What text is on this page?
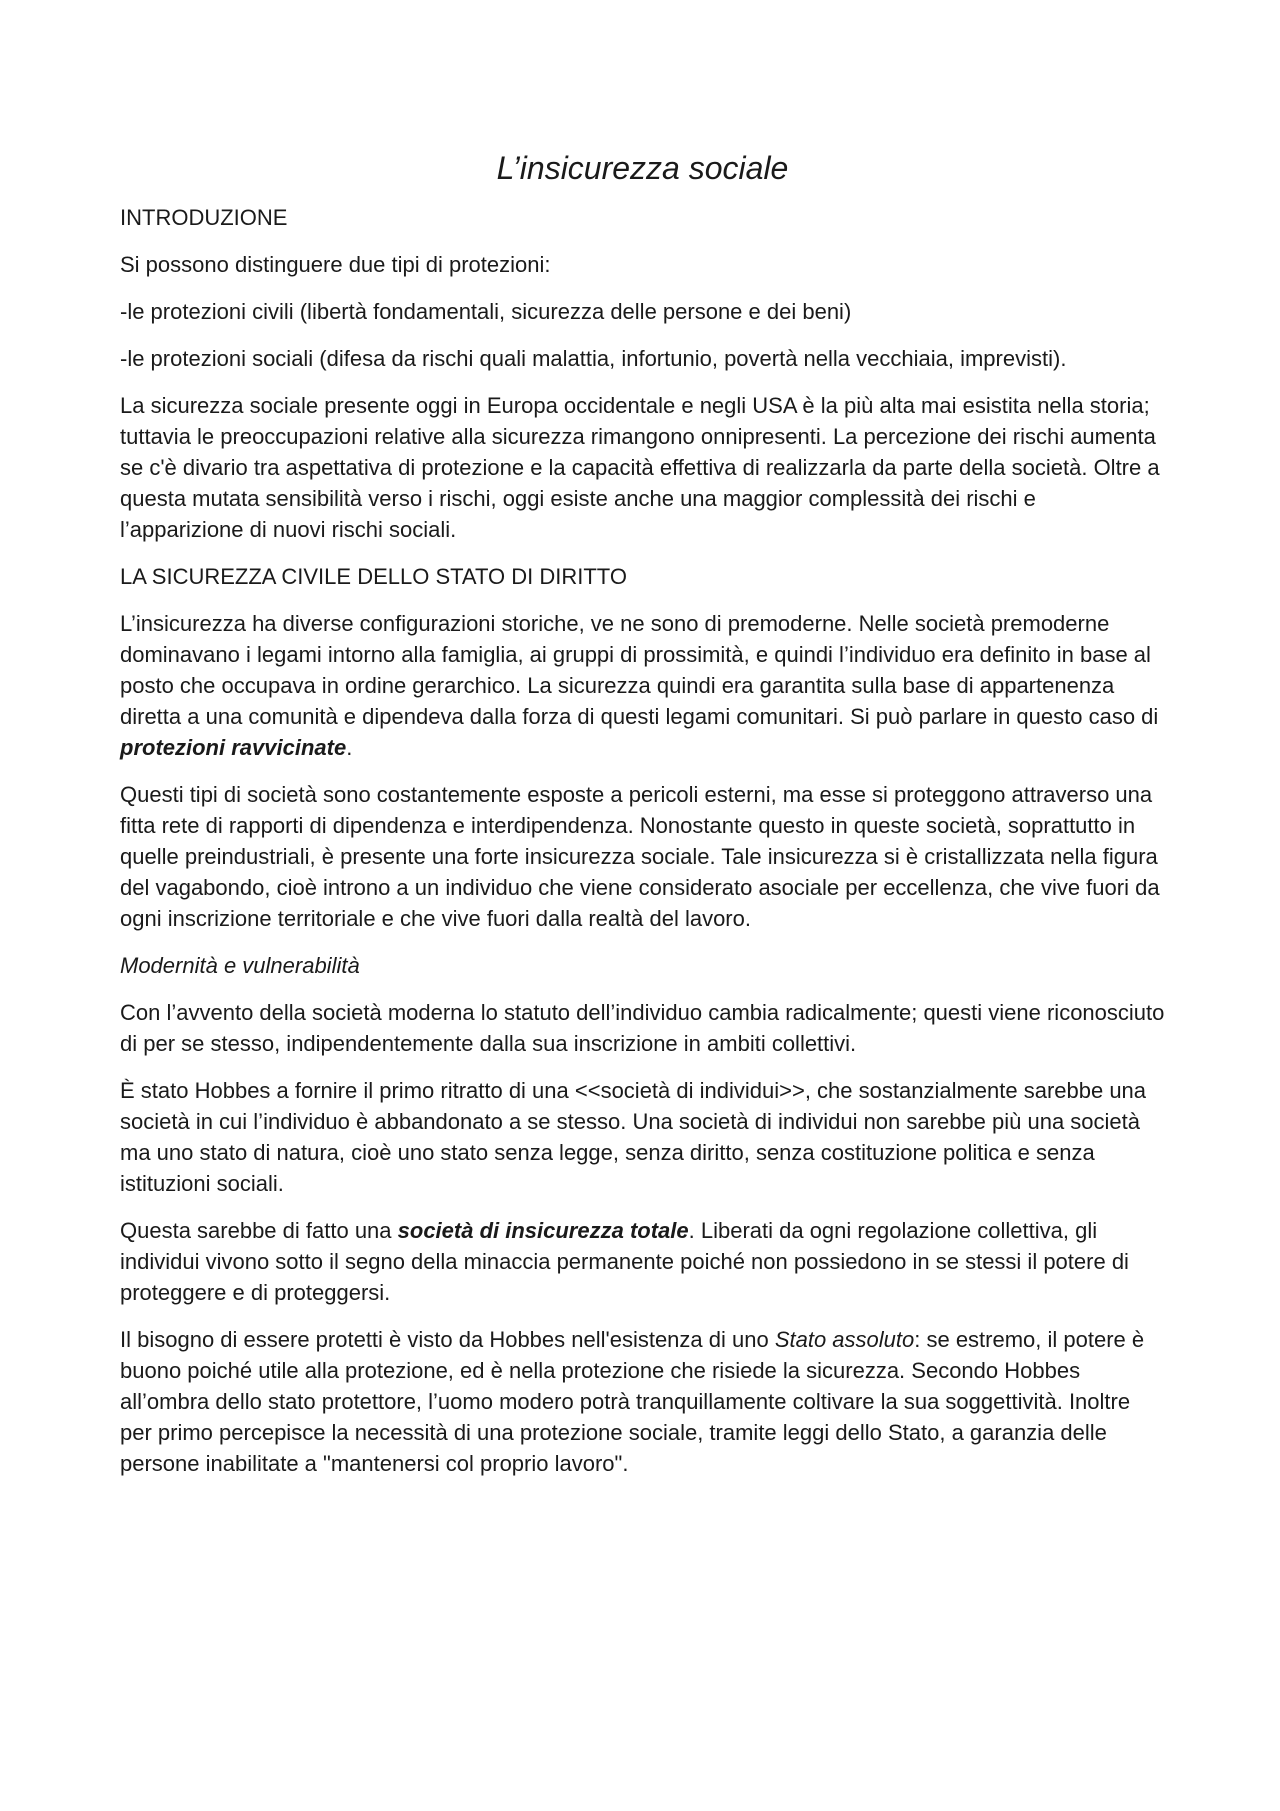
L’insicurezza sociale
INTRODUZIONE

Si possono distinguere due tipi di protezioni:

-le protezioni civili (libertà fondamentali, sicurezza delle persone e dei beni)

-le protezioni sociali (difesa da rischi quali malattia, infortunio, povertà nella vecchiaia, imprevisti).

La sicurezza sociale presente oggi in Europa occidentale e negli USA è la più alta mai esistita nella storia; tuttavia le preoccupazioni relative alla sicurezza rimangono onnipresenti. La percezione dei rischi aumenta se c'è divario tra aspettativa di protezione e la capacità effettiva di realizzarla da parte della società. Oltre a questa mutata sensibilità verso i rischi, oggi esiste anche una maggior complessità dei rischi e l’apparizione di nuovi rischi sociali.

LA SICUREZZA CIVILE DELLO STATO DI DIRITTO

L’insicurezza ha diverse configurazioni storiche, ve ne sono di premoderne. Nelle società premoderne dominavano i legami intorno alla famiglia, ai gruppi di prossimità, e quindi l’individuo era definito in base al posto che occupava in ordine gerarchico. La sicurezza quindi era garantita sulla base di appartenenza diretta a una comunità e dipendeva dalla forza di questi legami comunitari. Si può parlare in questo caso di protezioni ravvicinate.

Questi tipi di società sono costantemente esposte a pericoli esterni, ma esse si proteggono attraverso una fitta rete di rapporti di dipendenza e interdipendenza. Nonostante questo in queste società, soprattutto in quelle preindustriali, è presente una forte insicurezza sociale. Tale insicurezza si è cristallizzata nella figura del vagabondo, cioè introno a un individuo che viene considerato asociale per eccellenza, che vive fuori da ogni inscrizione territoriale e che vive fuori dalla realtà del lavoro.

Modernità e vulnerabilità

Con l’avvento della società moderna lo statuto dell’individuo cambia radicalmente; questi viene riconosciuto di per se stesso, indipendentemente dalla sua inscrizione in ambiti collettivi.

È stato Hobbes a fornire il primo ritratto di una <<società di individui>>, che sostanzialmente sarebbe una società in cui l’individuo è abbandonato a se stesso. Una società di individui non sarebbe più una società ma uno stato di natura, cioè uno stato senza legge, senza diritto, senza costituzione politica e senza istituzioni sociali.

Questa sarebbe di fatto una società di insicurezza totale. Liberati da ogni regolazione collettiva, gli individui vivono sotto il segno della minaccia permanente poiché non possiedono in se stessi il potere di proteggere e di proteggersi.

Il bisogno di essere protetti è visto da Hobbes nell'esistenza di uno Stato assoluto: se estremo, il potere è buono poiché utile alla protezione, ed è nella protezione che risiede la sicurezza. Secondo Hobbes all’ombra dello stato protettore, l’uomo modero potrà tranquillamente coltivare la sua soggettività. Inoltre per primo percepisce la necessità di una protezione sociale, tramite leggi dello Stato, a garanzia delle persone inabilitate a "mantenersi col proprio lavoro".
